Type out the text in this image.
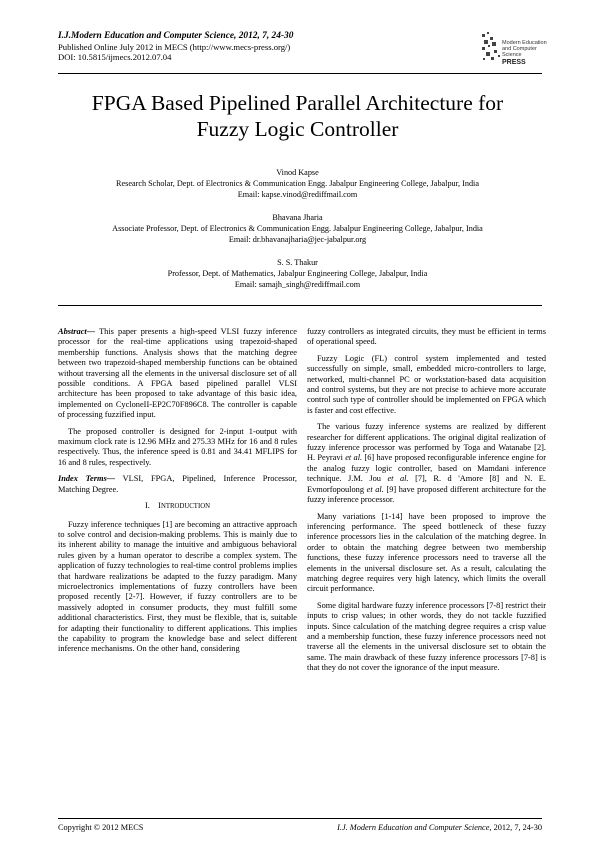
I.J.Modern Education and Computer Science, 2012, 7, 24-30
Published Online July 2012 in MECS (http://www.mecs-press.org/)
DOI: 10.5815/ijmecs.2012.07.04
Modern Education
and Computer
Science
PRESS
FPGA Based Pipelined Parallel Architecture for
Fuzzy Logic Controller
Vinod Kapse
Research Scholar, Dept. of Electronics & Communication Engg. Jabalpur Engineering College, Jabalpur, India
Email: kapse.vinod@rediffmail.com
Bhavana Jharia
Associate Professor, Dept. of Electronics & Communication Engg. Jabalpur Engineering College, Jabalpur, India
Email: dr.bhavanajharia@jec-jabalpur.org
S. S. Thakur
Professor, Dept. of Mathematics, Jabalpur Engineering College, Jabalpur, India
Email: samajh_singh@rediffmail.com

Abstract— This paper presents a high-speed VLSI fuzzy inference processor for the real-time applications using trapezoid-shaped membership functions. Analysis shows that the matching degree between two trapezoid-shaped membership functions can be obtained without traversing all the elements in the universal disclosure set of all possible conditions. A FPGA based pipelined parallel VLSI architecture has been proposed to take advantage of this basic idea, implemented on CycloneII-EP2C70F896C8. The controller is capable of processing fuzzified input.

The proposed controller is designed for 2-input 1-output with maximum clock rate is 12.96 MHz and 275.33 MHz for 16 and 8 rules respectively. Thus, the inference speed is 0.81 and 34.41 MFLIPS for 16 and 8 rules, respectively.

Index Terms— VLSI, FPGA, Pipelined, Inference Processor, Matching Degree.

I. INTRODUCTION

Fuzzy inference techniques [1] are becoming an attractive approach to solve control and decision-making problems. This is mainly due to its inherent ability to manage the intuitive and ambiguous behavioral rules given by a human operator to describe a complex system. The application of fuzzy technologies to real-time control problems implies that hardware realizations be adapted to the fuzzy paradigm. Many microelectronics implementations of fuzzy controllers have been proposed recently [2-7]. However, if fuzzy controllers are to be massively adopted in consumer products, they must fulfill some additional characteristics. First, they must be flexible, that is, suitable for adapting their functionality to different applications. This implies the capability to program the knowledge base and select different inference mechanisms. On the other hand, considering

fuzzy controllers as integrated circuits, they must be efficient in terms of operational speed.

Fuzzy Logic (FL) control system implemented and tested successfully on simple, small, embedded micro-controllers to large, networked, multi-channel PC or workstation-based data acquisition and control systems, but they are not precise to achieve more accurate control such type of controller should be implemented on FPGA which is faster and cost effective.

The various fuzzy inference systems are realized by different researcher for different applications. The original digital realization of fuzzy inference processor was performed by Toga and Watanabe [2]. H. Peyravi et al. [6] have proposed reconfigurable inference engine for the analog fuzzy logic controller, based on Mamdani inference technique. J.M. Jou et al. [7], R. d 'Amore [8] and N. E. Evmorfopoulong et al. [9] have proposed different architecture for the fuzzy inference processor.

Many variations [1-14] have been proposed to improve the inferencing performance. The speed bottleneck of these fuzzy inference processors lies in the calculation of the matching degree. In order to obtain the matching degree between two membership functions, these fuzzy inference processors need to traverse all the elements in the universal disclosure set. As a result, calculating the matching degree requires very high latency, which limits the overall circuit performance.

Some digital hardware fuzzy inference processors [7-8] restrict their inputs to crisp values; in other words, they do not tackle fuzzified inputs. Since calculation of the matching degree requires a crisp value and a membership function, these fuzzy inference processors need not traverse all the elements in the universal disclosure set to obtain the same. The main drawback of these fuzzy inference processors [7-8] is that they do not cover the ignorance of the input measure.

Copyright © 2012 MECS	I.J. Modern Education and Computer Science, 2012, 7, 24-30
